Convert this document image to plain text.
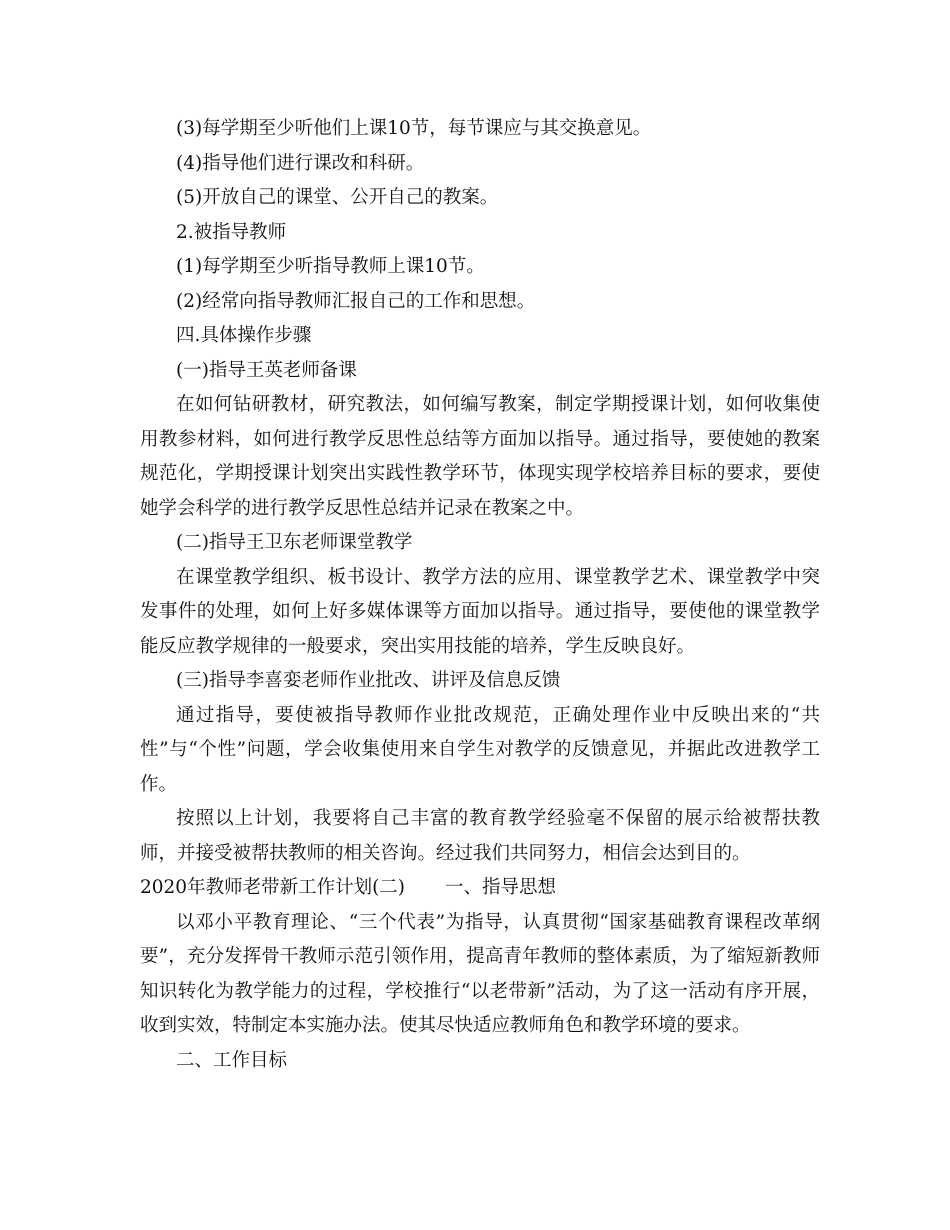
(3)每学期至少听他们上课10节，每节课应与其交换意见。

(4)指导他们进行课改和科研。

(5)开放自己的课堂、公开自己的教案。

2.被指导教师

(1)每学期至少听指导教师上课10节。

(2)经常向指导教师汇报自己的工作和思想。

四.具体操作步骤

(一)指导王英老师备课

在如何钻研教材，研究教法，如何编写教案，制定学期授课计划，如何收集使用教参材料，如何进行教学反思性总结等方面加以指导。通过指导，要使她的教案规范化，学期授课计划突出实践性教学环节，体现实现学校培养目标的要求，要使她学会科学的进行教学反思性总结并记录在教案之中。

(二)指导王卫东老师课堂教学

在课堂教学组织、板书设计、教学方法的应用、课堂教学艺术、课堂教学中突发事件的处理，如何上好多媒体课等方面加以指导。通过指导，要使他的课堂教学能反应教学规律的一般要求，突出实用技能的培养，学生反映良好。

(三)指导李喜娈老师作业批改、讲评及信息反馈

通过指导，要使被指导教师作业批改规范，正确处理作业中反映出来的“共性”与“个性”问题，学会收集使用来自学生对教学的反馈意见，并据此改进教学工作。

按照以上计划，我要将自己丰富的教育教学经验毫不保留的展示给被帮扶教师，并接受被帮扶教师的相关咨询。经过我们共同努力，相信会达到目的。

2020年教师老带新工作计划(二) 一、指导思想

以邓小平教育理论、“三个代表”为指导，认真贯彻“国家基础教育课程改革纲要”，充分发挥骨干教师示范引领作用，提高青年教师的整体素质，为了缩短新教师知识转化为教学能力的过程，学校推行“以老带新”活动，为了这一活动有序开展，收到实效，特制定本实施办法。使其尽快适应教师角色和教学环境的要求。

二、工作目标
